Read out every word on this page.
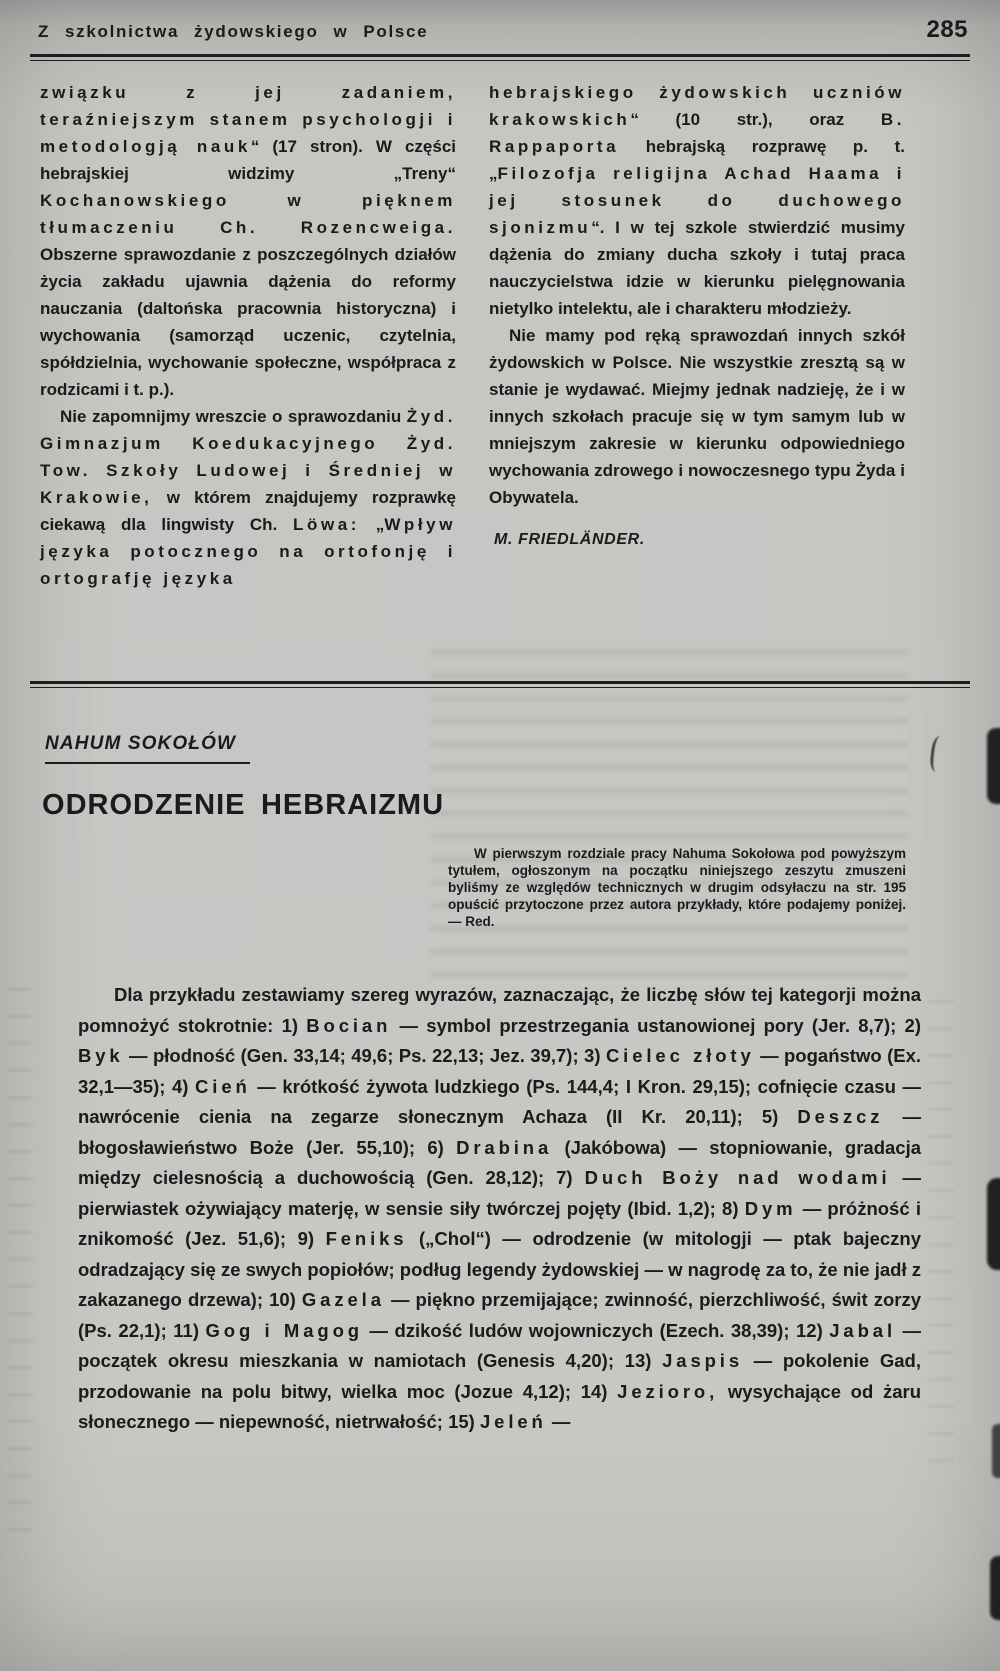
Z szkolnictwa żydowskiego w Polsce	285

związku z jej zadaniem, teraźniejszym stanem psychologji i metodologją nauk“ (17 stron). W części hebrajskiej widzimy „Treny“ Kochanowskiego w pięknem tłumaczeniu Ch. Rozencweiga. Obszerne sprawozdanie z poszczególnych działów życia zakładu ujawnia dążenia do reformy nauczania (daltońska pracownia historyczna) i wychowania (samorząd uczenic, czytelnia, spółdzielnia, wychowanie społeczne, współpraca z rodzicami i t. p.).

Nie zapomnijmy wreszcie o sprawozdaniu Żyd. Gimnazjum Koedukacyjnego Żyd. Tow. Szkoły Ludowej i Średniej w Krakowie, w którem znajdujemy rozprawkę ciekawą dla lingwisty Ch. Löwa: „Wpływ języka potocznego na ortofonję i ortografję języka

hebrajskiego żydowskich uczniów krakowskich“ (10 str.), oraz B. Rappaporta hebrajską rozprawę p. t. „Filozofja religijna Achad Haama i jej stosunek do duchowego sjonizmu“. I w tej szkole stwierdzić musimy dążenia do zmiany ducha szkoły i tutaj praca nauczycielstwa idzie w kierunku pielęgnowania nietylko intelektu, ale i charakteru młodzieży.

Nie mamy pod ręką sprawozdań innych szkół żydowskich w Polsce. Nie wszystkie zresztą są w stanie je wydawać. Miejmy jednak nadzieję, że i w innych szkołach pracuje się w tym samym lub w mniejszym zakresie w kierunku odpowiedniego wychowania zdrowego i nowoczesnego typu Żyda i Obywatela.

M. FRIEDLÄNDER.

NAHUM SOKOŁÓW
ODRODZENIE HEBRAIZMU
W pierwszym rozdziale pracy Nahuma Sokołowa pod powyższym tytułem, ogłoszonym na początku niniejszego zeszytu zmuszeni byliśmy ze względów technicznych w drugim odsyłaczu na str. 195 opuścić przytoczone przez autora przykłady, które podajemy poniżej. — Red.

Dla przykładu zestawiamy szereg wyrazów, zaznaczając, że liczbę słów tej kategorji można pomnożyć stokrotnie: 1) Bocian — symbol przestrzegania ustanowionej pory (Jer. 8,7); 2) Byk — płodność (Gen. 33,14; 49,6; Ps. 22,13; Jez. 39,7); 3) Cielec złoty — pogaństwo (Ex. 32,1—35); 4) Cień — krótkość żywota ludzkiego (Ps. 144,4; I Kron. 29,15); cofnięcie czasu — nawrócenie cienia na zegarze słonecznym Achaza (II Kr. 20,11); 5) Deszcz — błogosławieństwo Boże (Jer. 55,10); 6) Drabina (Jakóbowa) — stopniowanie, gradacja między cielesnością a duchowością (Gen. 28,12); 7) Duch Boży nad wodami — pierwiastek ożywiający materję, w sensie siły twórczej pojęty (Ibid. 1,2); 8) Dym — próżność i znikomość (Jez. 51,6); 9) Feniks („Chol“) — odrodzenie (w mitologji — ptak bajeczny odradzający się ze swych popiołów; podług legendy żydowskiej — w nagrodę za to, że nie jadł z zakazanego drzewa); 10) Gazela — piękno przemijające; zwinność, pierzchliwość, świt zorzy (Ps. 22,1); 11) Gog i Magog — dzikość ludów wojowniczych (Ezech. 38,39); 12) Jabal — początek okresu mieszkania w namiotach (Genesis 4,20); 13) Jaspis — pokolenie Gad, przodowanie na polu bitwy, wielka moc (Jozue 4,12); 14) Jezioro, wysychające od żaru słonecznego — niepewność, nietrwałość; 15) Jeleń —
